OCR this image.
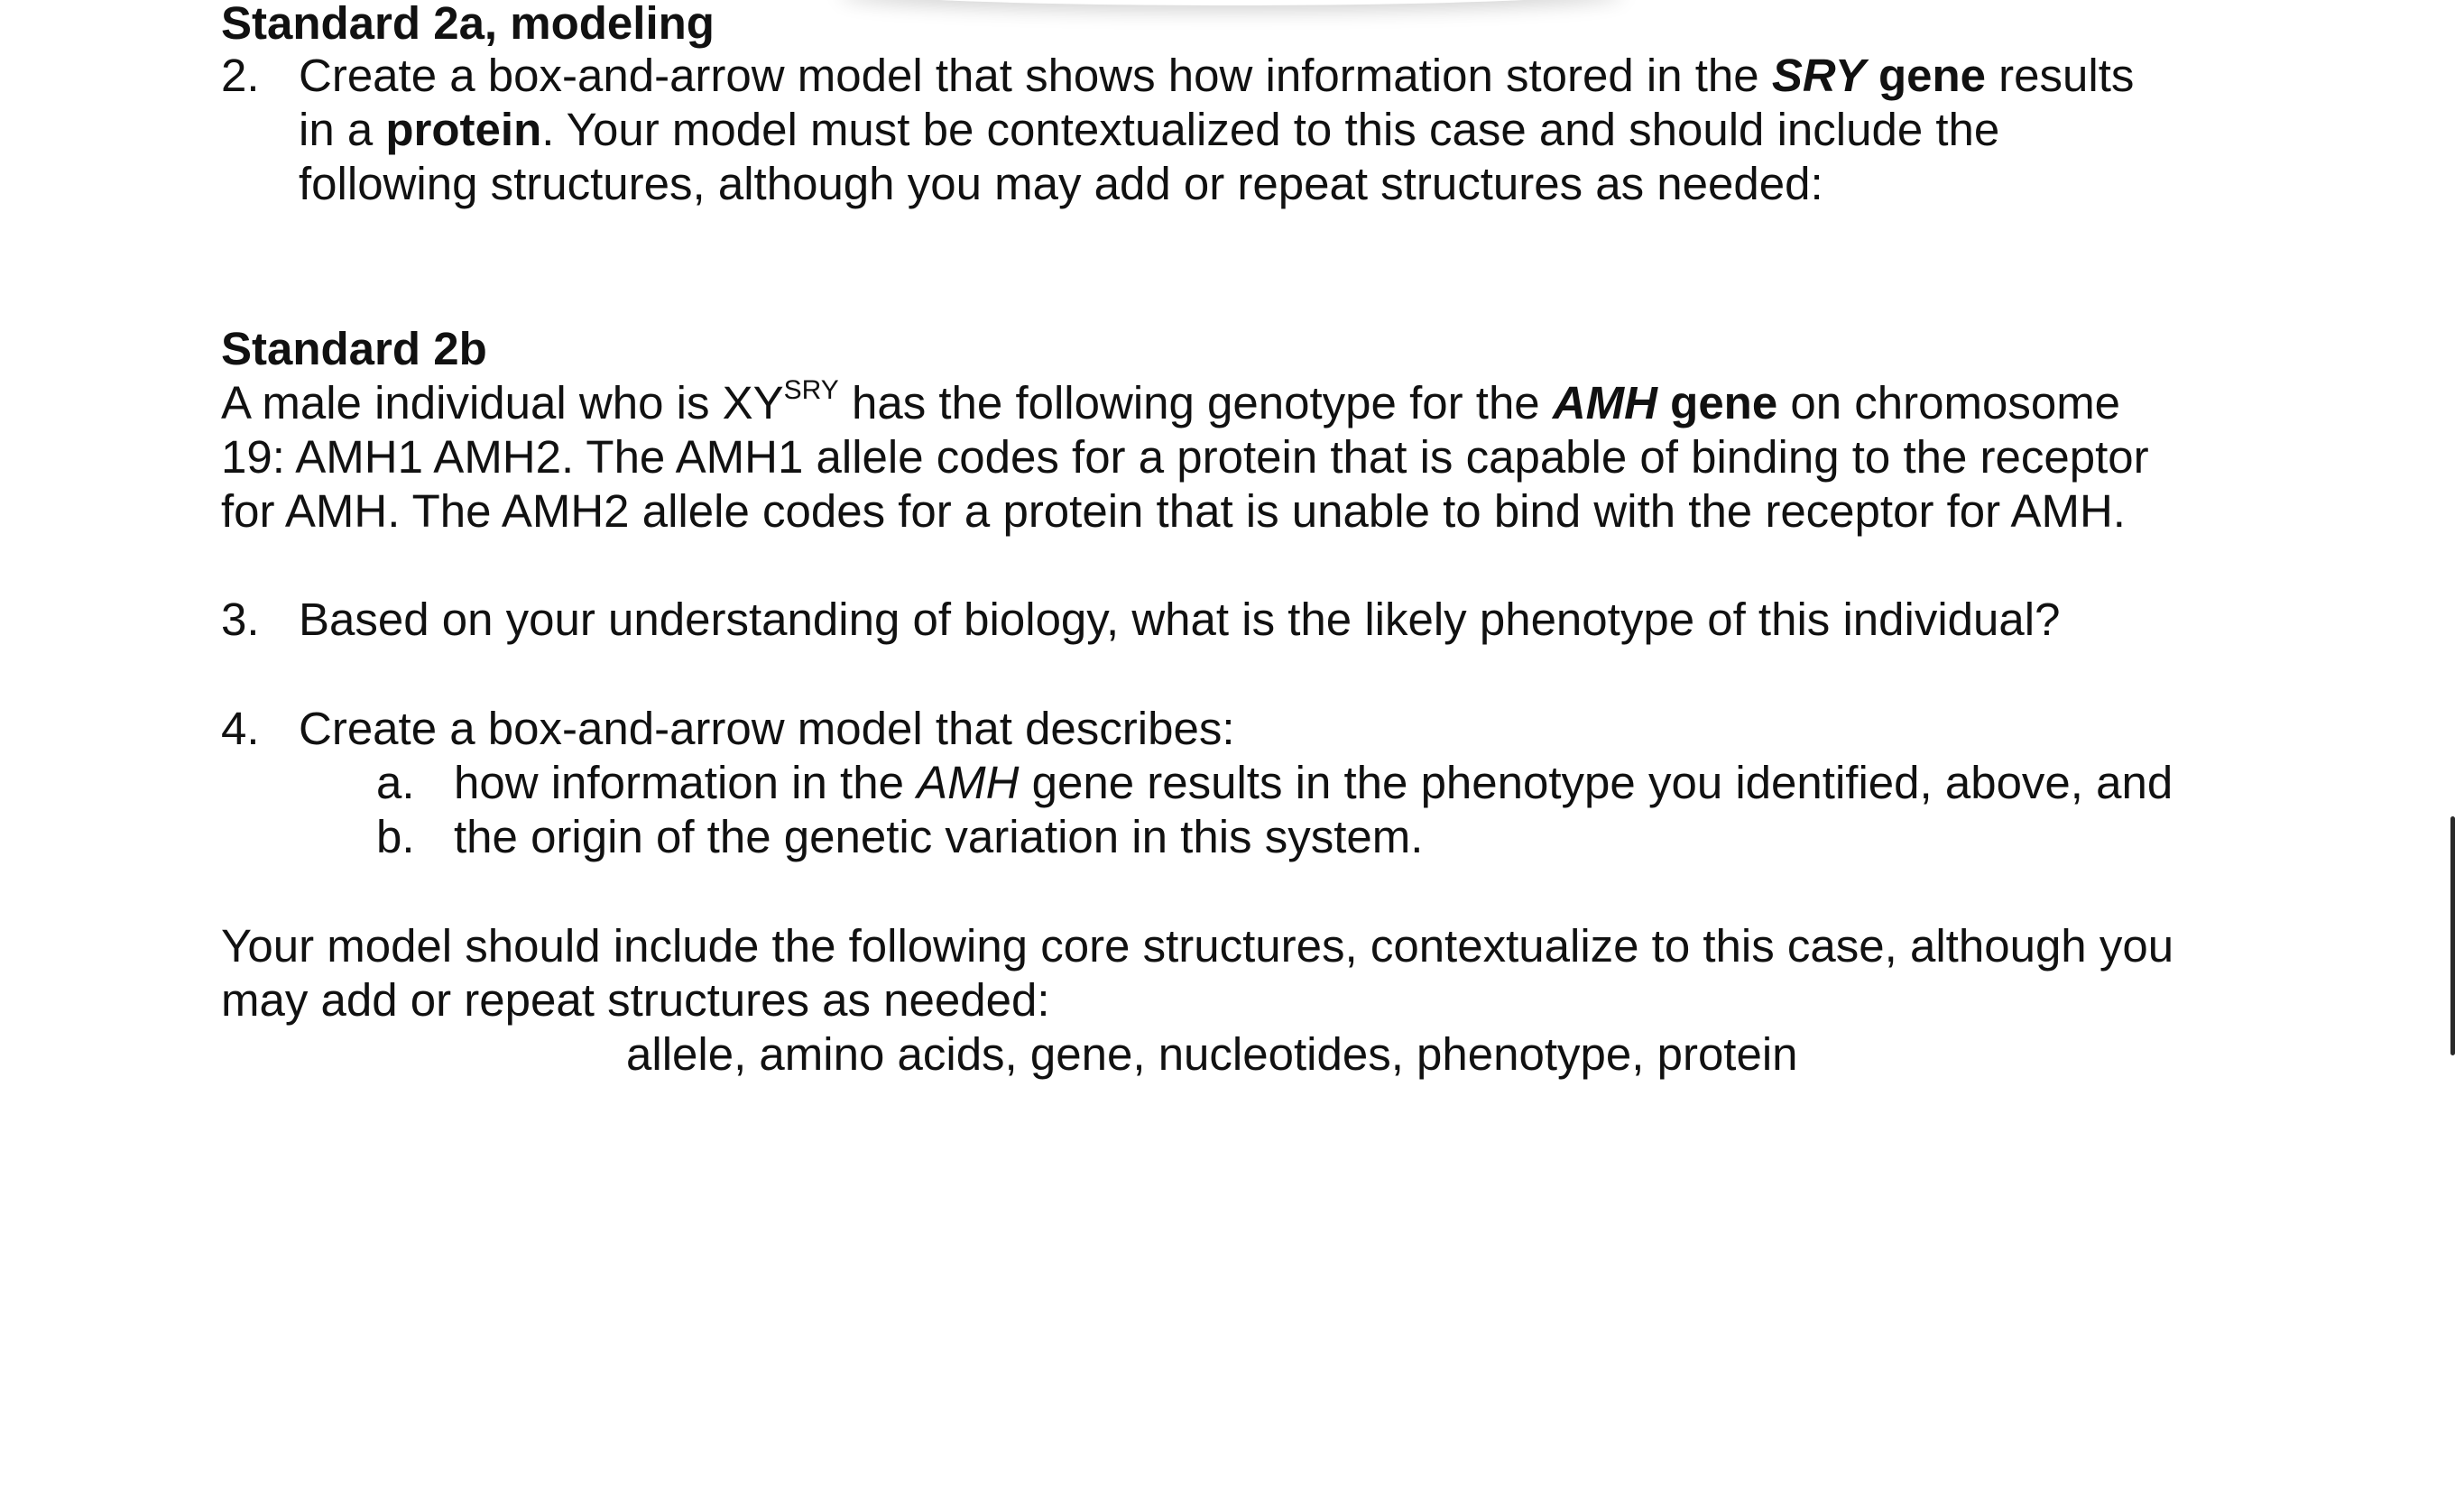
Standard 2a, modeling
2. Create a box-and-arrow model that shows how information stored in the SRY gene results
in a protein. Your model must be contextualized to this case and should include the
following structures, although you may add or repeat structures as needed:
Standard 2b
A male individual who is $XY^{SRY}$ has the following genotype for the AMH gene on chromosome
19: AMH1 AMH2. The AMH1 allele codes for a protein that is capable of binding to the receptor
for AMH. The AMH2 allele codes for a protein that is unable to bind with the receptor for AMH.
3. Based on your understanding of biology, what is the likely phenotype of this individual?
4. Create a box-and-arrow model that describes:
a. how information in the AMH gene results in the phenotype you identified, above, and
b. the origin of the genetic variation in this system.
Your model should include the following core structures, contextualize to this case, although you
may add or repeat structures as needed:
allele, amino acids, gene, nucleotides, phenotype, protein
